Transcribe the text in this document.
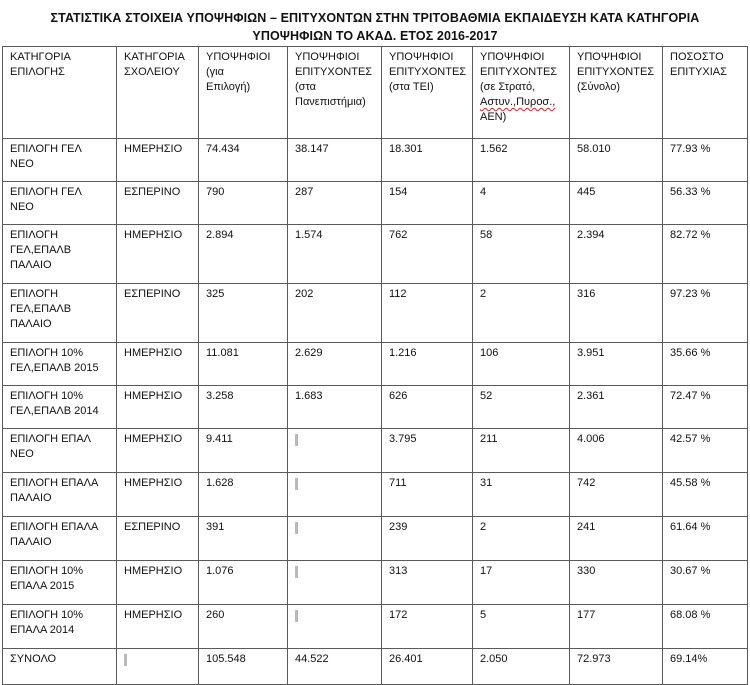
ΣΤΑΤΙΣΤΙΚΑ ΣΤΟΙΧΕΙΑ ΥΠΟΨΗΦΙΩΝ – ΕΠΙΤΥΧΟΝΤΩΝ ΣΤΗΝ ΤΡΙΤΟΒΑΘΜΙΑ ΕΚΠΑΙΔΕΥΣΗ ΚΑΤΑ ΚΑΤΗΓΟΡΙΑ
ΥΠΟΨΗΦΙΩΝ ΤΟ ΑΚΑΔ. ΕΤΟΣ 2016-2017
ΚΑΤΗΓΟΡΙΑ
ΕΠΙΛΟΓΗΣ	ΚΑΤΗΓΟΡΙΑ
ΣΧΟΛΕΙΟΥ	ΥΠΟΨΗΦΙΟΙ
(για
Επιλογή)	ΥΠΟΨΗΦΙΟΙ
ΕΠΙΤΥΧΟΝΤΕΣ
(στα
Πανεπιστήμια)	ΥΠΟΨΗΦΙΟΙ
ΕΠΙΤΥΧΟΝΤΕΣ
(στα ΤΕΙ)	ΥΠΟΨΗΦΙΟΙ
ΕΠΙΤΥΧΟΝΤΕΣ
(σε Στρατό,
Αστυν.,Πυροσ.,
ΑΕΝ)	ΥΠΟΨΗΦΙΟΙ
ΕΠΙΤΥΧΟΝΤΕΣ
(Σύνολο)	ΠΟΣΟΣΤΟ
ΕΠΙΤΥΧΙΑΣ

ΕΠΙΛΟΓΗ ΓΕΛ
ΝΕΟ	ΗΜΕΡΗΣΙΟ	74.434	38.147	18.301	1.562	58.010	77.93 %

ΕΠΙΛΟΓΗ ΓΕΛ
ΝΕΟ	ΕΣΠΕΡΙΝΟ	790	287	154	4	445	56.33 %

ΕΠΙΛΟΓΗ
ΓΕΛ,ΕΠΑΛΒ
ΠΑΛΑΙΟ	ΗΜΕΡΗΣΙΟ	2.894	1.574	762	58	2.394	82.72 %

ΕΠΙΛΟΓΗ
ΓΕΛ,ΕΠΑΛΒ
ΠΑΛΑΙΟ	ΕΣΠΕΡΙΝΟ	325	202	112	2	316	97.23 %

ΕΠΙΛΟΓΗ 10%
ΓΕΛ,ΕΠΑΛΒ 2015	ΗΜΕΡΗΣΙΟ	11.081	2.629	1.216	106	3.951	35.66 %

ΕΠΙΛΟΓΗ 10%
ΓΕΛ,ΕΠΑΛΒ 2014	ΗΜΕΡΗΣΙΟ	3.258	1.683	626	52	2.361	72.47 %

ΕΠΙΛΟΓΗ ΕΠΑΛ
ΝΕΟ	ΗΜΕΡΗΣΙΟ	9.411		3.795	211	4.006	42.57 %

ΕΠΙΛΟΓΗ ΕΠΑΛΑ
ΠΑΛΑΙΟ	ΗΜΕΡΗΣΙΟ	1.628		711	31	742	45.58 %

ΕΠΙΛΟΓΗ ΕΠΑΛΑ
ΠΑΛΑΙΟ	ΕΣΠΕΡΙΝΟ	391		239	2	241	61.64 %

ΕΠΙΛΟΓΗ 10%
ΕΠΑΛΑ 2015	ΗΜΕΡΗΣΙΟ	1.076		313	17	330	30.67 %

ΕΠΙΛΟΓΗ 10%
ΕΠΑΛΑ 2014	ΗΜΕΡΗΣΙΟ	260		172	5	177	68.08 %

ΣΥΝΟΛΟ		105.548	44.522	26.401	2.050	72.973	69.14%
